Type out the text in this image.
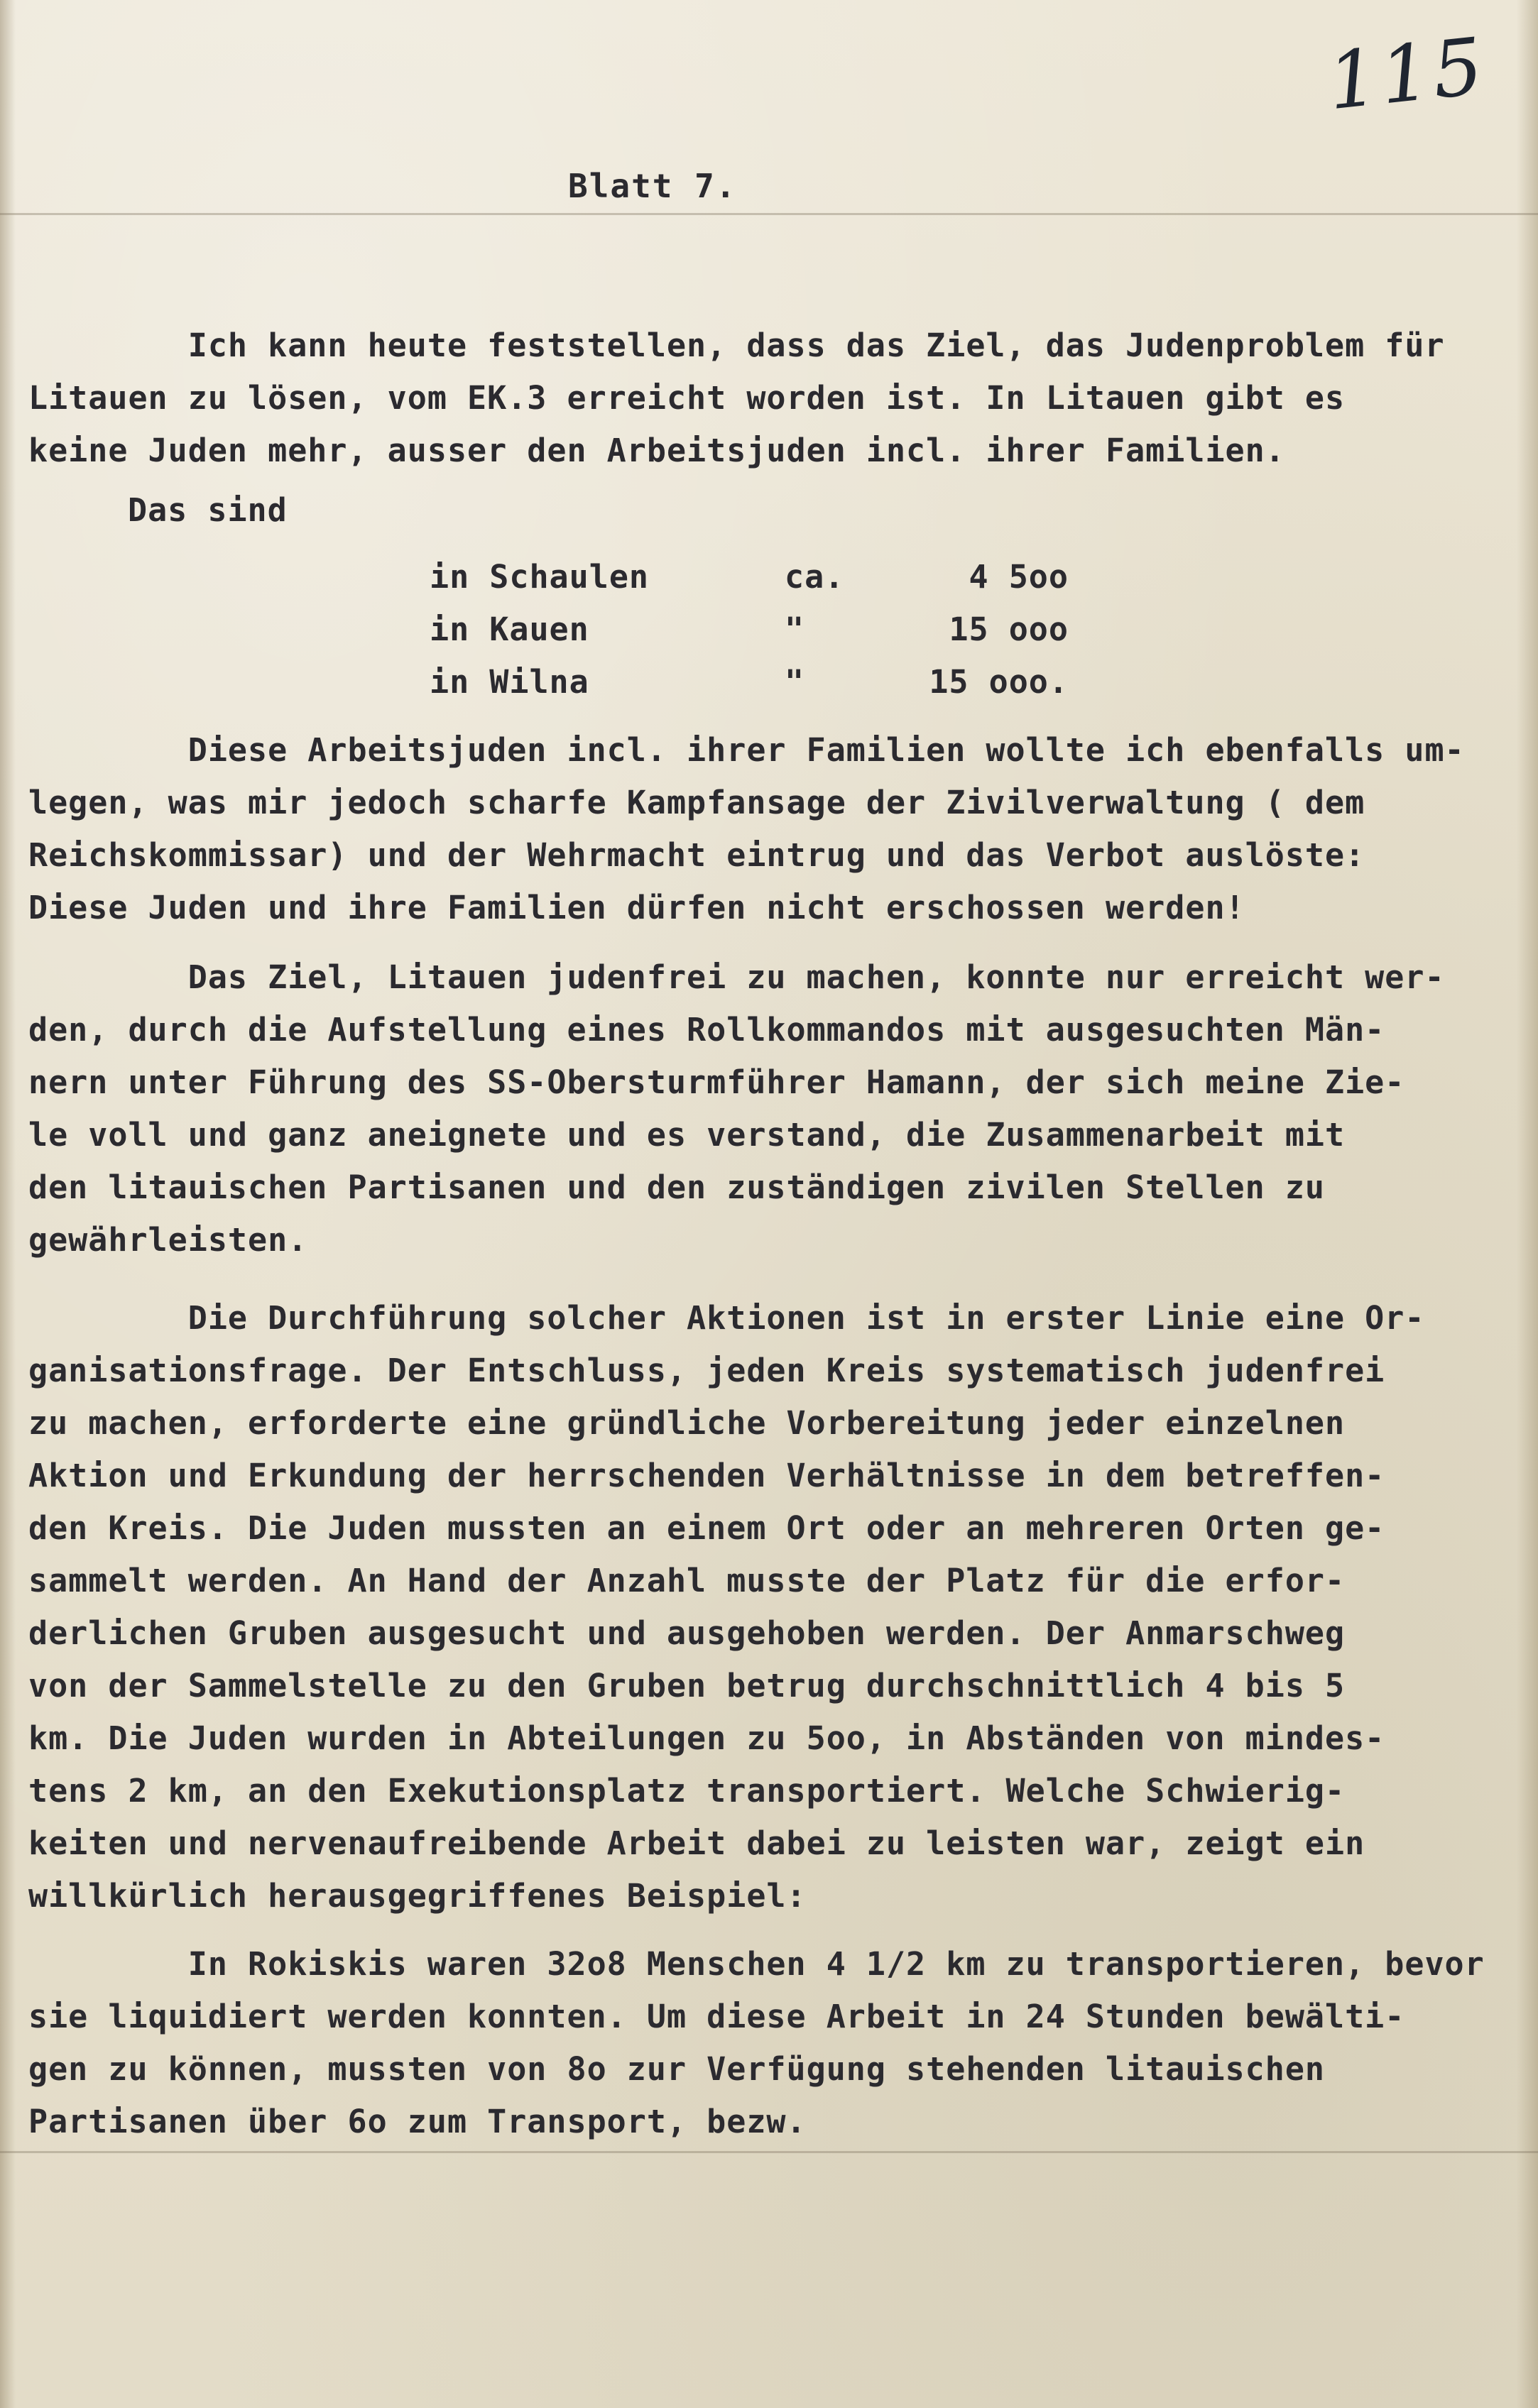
115
Blatt 7.

Ich kann heute feststellen, dass das Ziel, das Judenproblem für
Litauen zu lösen, vom EK.3 erreicht worden ist. In Litauen gibt es
keine Juden mehr, ausser den Arbeitsjuden incl. ihrer Familien.

Das sind
in Schaulen	ca.	4 5oo
in Kauen	"	15 ooo
in Wilna	"	15 ooo.

Diese Arbeitsjuden incl. ihrer Familien wollte ich ebenfalls um-
legen, was mir jedoch scharfe Kampfansage der Zivilverwaltung ( dem
Reichskommissar) und der Wehrmacht eintrug und das Verbot auslöste:
Diese Juden und ihre Familien dürfen nicht erschossen werden!

Das Ziel, Litauen judenfrei zu machen, konnte nur erreicht wer-
den, durch die Aufstellung eines Rollkommandos mit ausgesuchten Män-
nern unter Führung des SS-Obersturmführer Hamann, der sich meine Zie-
le voll und ganz aneignete und es verstand, die Zusammenarbeit mit
den litauischen Partisanen und den zuständigen zivilen Stellen zu
gewährleisten.

Die Durchführung solcher Aktionen ist in erster Linie eine Or-
ganisationsfrage. Der Entschluss, jeden Kreis systematisch judenfrei
zu machen, erforderte eine gründliche Vorbereitung jeder einzelnen
Aktion und Erkundung der herrschenden Verhältnisse in dem betreffen-
den Kreis. Die Juden mussten an einem Ort oder an mehreren Orten ge-
sammelt werden. An Hand der Anzahl musste der Platz für die erfor-
derlichen Gruben ausgesucht und ausgehoben werden. Der Anmarschweg
von der Sammelstelle zu den Gruben betrug durchschnittlich 4 bis 5
km. Die Juden wurden in Abteilungen zu 5oo, in Abständen von mindes-
tens 2 km, an den Exekutionsplatz transportiert. Welche Schwierig-
keiten und nervenaufreibende Arbeit dabei zu leisten war, zeigt ein
willkürlich herausgegriffenes Beispiel:

In Rokiskis waren 32o8 Menschen 4 1/2 km zu transportieren, bevor
sie liquidiert werden konnten. Um diese Arbeit in 24 Stunden bewälti-
gen zu können, mussten von 8o zur Verfügung stehenden litauischen
Partisanen über 6o zum Transport, bezw.
